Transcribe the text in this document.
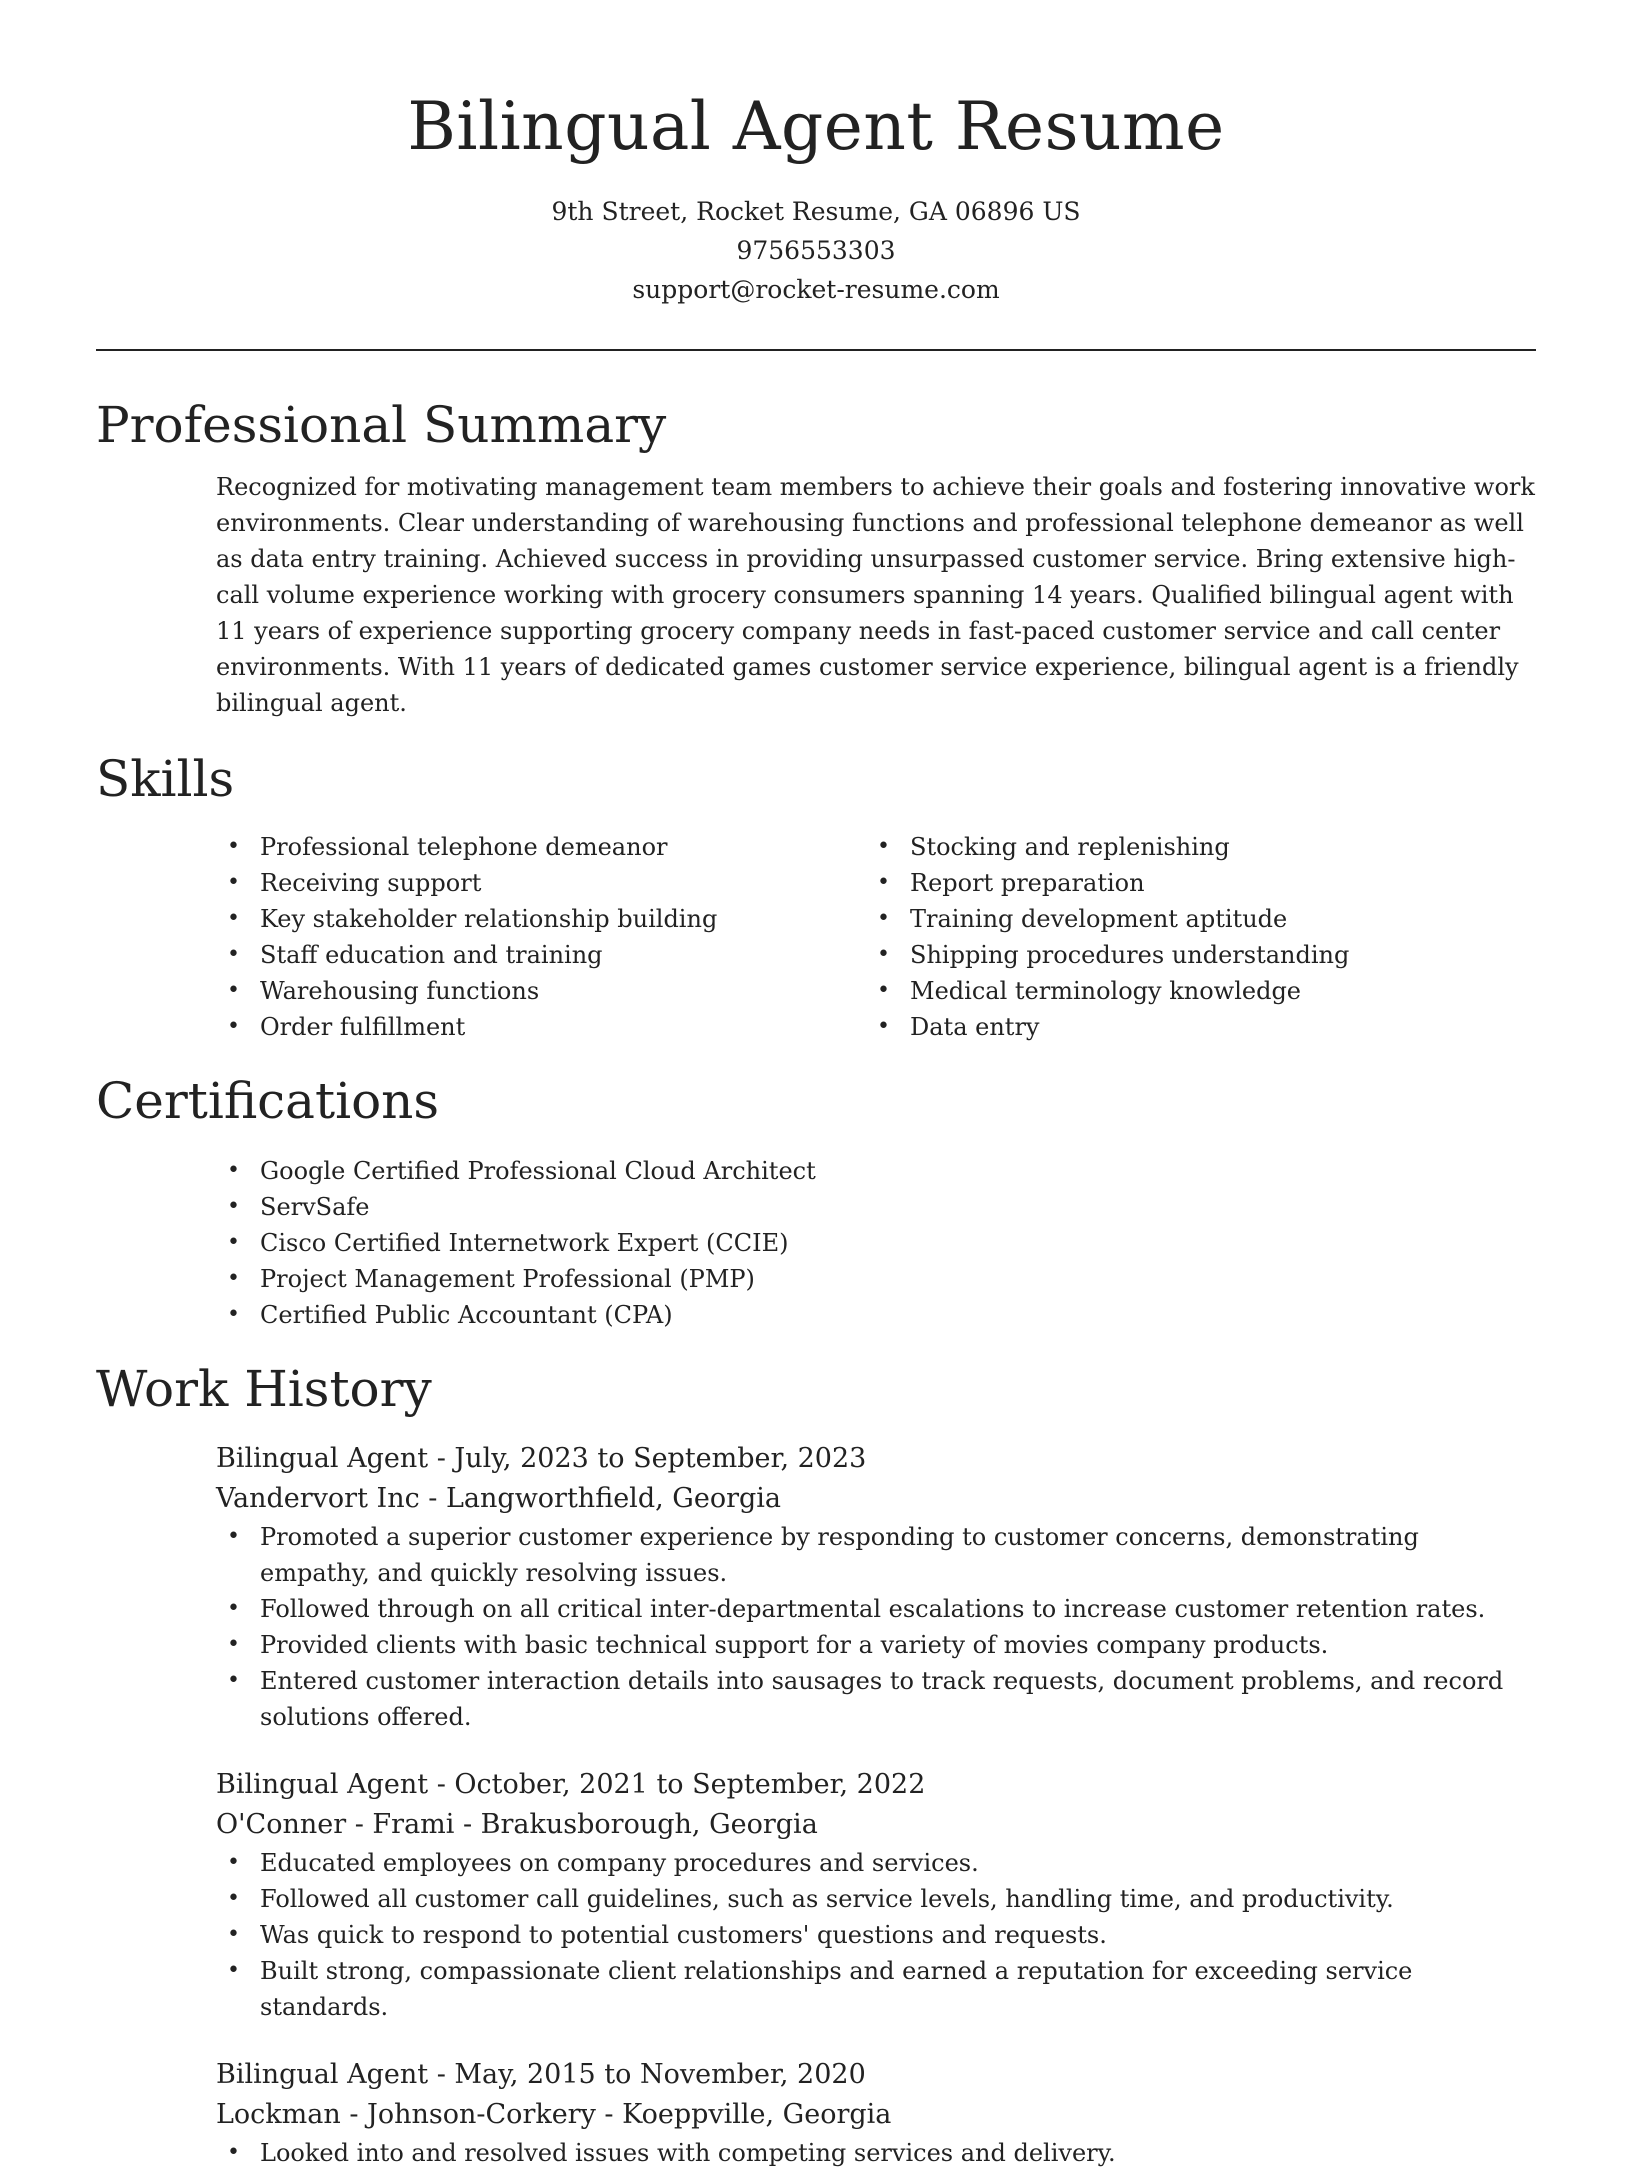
Bilingual Agent Resume
9th Street, Rocket Resume, GA 06896 US
9756553303
support@rocket-resume.com
Professional Summary

Recognized for motivating management team members to achieve their goals and fostering innovative work environments. Clear understanding of warehousing functions and professional telephone demeanor as well as data entry training. Achieved success in providing unsurpassed customer service. Bring extensive high-call volume experience working with grocery consumers spanning 14 years. Qualified bilingual agent with 11 years of experience supporting grocery company needs in fast-paced customer service and call center environments. With 11 years of dedicated games customer service experience, bilingual agent is a friendly bilingual agent.

Skills
• Professional telephone demeanor
• Receiving support
• Key stakeholder relationship building
• Staff education and training
• Warehousing functions
• Order fulfillment
• Stocking and replenishing
• Report preparation
• Training development aptitude
• Shipping procedures understanding
• Medical terminology knowledge
• Data entry
Certifications
• Google Certified Professional Cloud Architect
• ServSafe
• Cisco Certified Internetwork Expert (CCIE)
• Project Management Professional (PMP)
• Certified Public Accountant (CPA)
Work History
Bilingual Agent - July, 2023 to September, 2023
Vandervort Inc - Langworthfield, Georgia
• Promoted a superior customer experience by responding to customer concerns, demonstrating empathy, and quickly resolving issues.
• Followed through on all critical inter-departmental escalations to increase customer retention rates.
• Provided clients with basic technical support for a variety of movies company products.
• Entered customer interaction details into sausages to track requests, document problems, and record solutions offered.
Bilingual Agent - October, 2021 to September, 2022
O'Conner - Frami - Brakusborough, Georgia
• Educated employees on company procedures and services.
• Followed all customer call guidelines, such as service levels, handling time, and productivity.
• Was quick to respond to potential customers' questions and requests.
• Built strong, compassionate client relationships and earned a reputation for exceeding service standards.
Bilingual Agent - May, 2015 to November, 2020
Lockman - Johnson-Corkery - Koeppville, Georgia
• Looked into and resolved issues with competing services and delivery.
